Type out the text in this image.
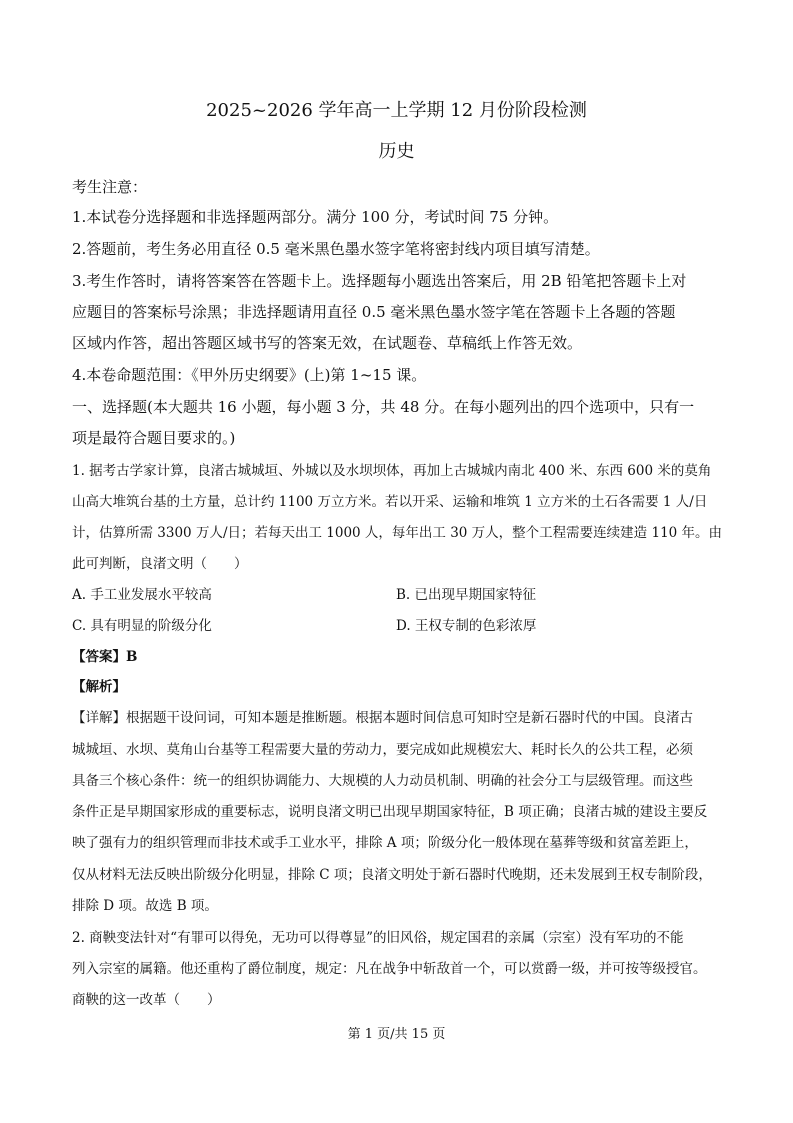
2025~2026 学年高一上学期 12 月份阶段检测
历史
考生注意：
1.本试卷分选择题和非选择题两部分。满分 100 分，考试时间 75 分钟。
2.答题前，考生务必用直径 0.5 毫米黑色墨水签字笔将密封线内项目填写清楚。
3.考生作答时，请将答案答在答题卡上。选择题每小题选出答案后，用 2B 铅笔把答题卡上对
应题目的答案标号涂黑；非选择题请用直径 0.5 毫米黑色墨水签字笔在答题卡上各题的答题
区域内作答，超出答题区域书写的答案无效，在试题卷、草稿纸上作答无效。
4.本卷命题范围：《甲外历史纲要》(上)第 1~15 课。
一、选择题(本大题共 16 小题，每小题 3 分，共 48 分。在每小题列出的四个选项中，只有一
项是最符合题目要求的。)
1. 据考古学家计算，良渚古城城垣、外城以及水坝坝体，再加上古城城内南北 400 米、东西 600 米的莫角
山高大堆筑台基的土方量，总计约 1100 万立方米。若以开采、运输和堆筑 1 立方米的土石各需要 1 人/日
计，估算所需 3300 万人/日；若每天出工 1000 人，每年出工 30 万人，整个工程需要连续建造 110 年。由
此可判断，良渚文明（　　）
A. 手工业发展水平较高	B. 已出现早期国家特征
C. 具有明显的阶级分化	D. 王权专制的色彩浓厚
【答案】B
【解析】
【详解】根据题干设问词，可知本题是推断题。根据本题时间信息可知时空是新石器时代的中国。良渚古
城城垣、水坝、莫角山台基等工程需要大量的劳动力，要完成如此规模宏大、耗时长久的公共工程，必须
具备三个核心条件：统一的组织协调能力、大规模的人力动员机制、明确的社会分工与层级管理。而这些
条件正是早期国家形成的重要标志，说明良渚文明已出现早期国家特征，B 项正确；良渚古城的建设主要反
映了强有力的组织管理而非技术或手工业水平，排除 A 项；阶级分化一般体现在墓葬等级和贫富差距上，
仅从材料无法反映出阶级分化明显，排除 C 项；良渚文明处于新石器时代晚期，还未发展到王权专制阶段，
排除 D 项。故选 B 项。
2. 商鞅变法针对“有罪可以得免，无功可以得尊显”的旧风俗，规定国君的亲属（宗室）没有军功的不能
列入宗室的属籍。他还重构了爵位制度，规定：凡在战争中斩敌首一个，可以赏爵一级，并可按等级授官。
商鞅的这一改革（　　）
第 1 页/共 15 页
